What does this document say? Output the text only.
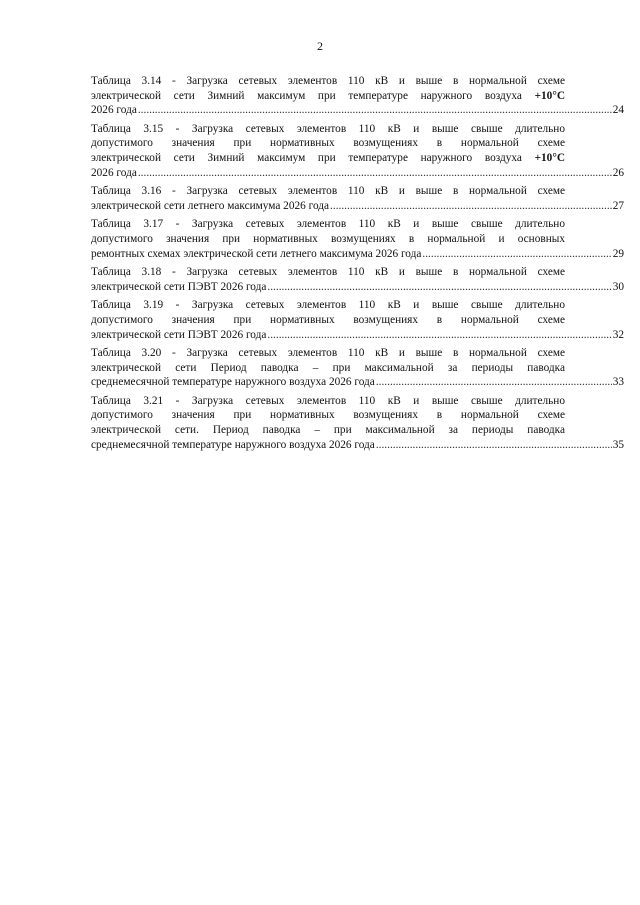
2
Таблица 3.14 - Загрузка сетевых элементов 110 кВ и выше в нормальной схеме
электрической сети Зимний максимум при температуре наружного воздуха +10°C
2026 года .....	24
Таблица 3.15 - Загрузка сетевых элементов 110 кВ и выше свыше длительно
допустимого значения при нормативных возмущениях в нормальной схеме
электрической сети Зимний максимум при температуре наружного воздуха +10°C
2026 года .....	26
Таблица 3.16 - Загрузка сетевых элементов 110 кВ и выше в нормальной схеме
электрической сети летнего максимума 2026 года .....	27
Таблица 3.17 - Загрузка сетевых элементов 110 кВ и выше свыше длительно
допустимого значения при нормативных возмущениях в нормальной и основных
ремонтных схемах электрической сети летнего максимума 2026 года .....	29
Таблица 3.18 - Загрузка сетевых элементов 110 кВ и выше в нормальной схеме
электрической сети ПЭВТ 2026 года .....	30
Таблица 3.19 - Загрузка сетевых элементов 110 кВ и выше свыше длительно
допустимого значения при нормативных возмущениях в нормальной схеме
электрической сети ПЭВТ 2026 года .....	32
Таблица 3.20 - Загрузка сетевых элементов 110 кВ и выше в нормальной схеме
электрической сети Период паводка – при максимальной за периоды паводка
среднемесячной температуре наружного воздуха 2026 года .....	33
Таблица 3.21 - Загрузка сетевых элементов 110 кВ и выше свыше длительно
допустимого значения при нормативных возмущениях в нормальной схеме
электрической сети. Период паводка – при максимальной за периоды паводка
среднемесячной температуре наружного воздуха 2026 года .....	35
